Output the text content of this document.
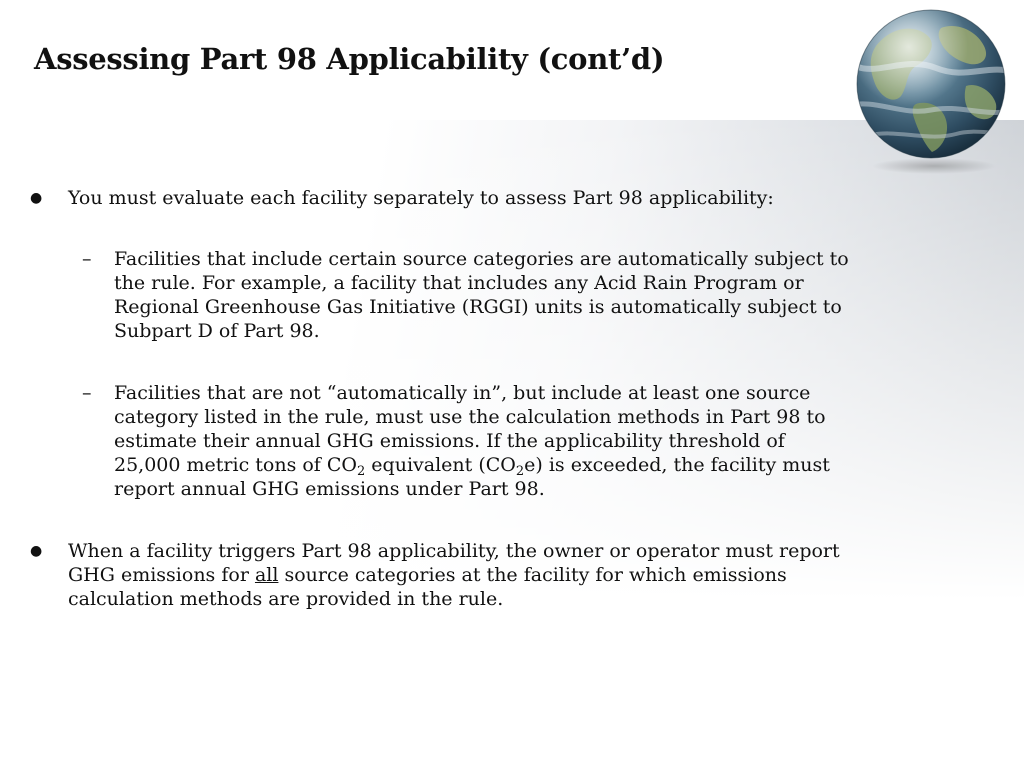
Assessing Part 98 Applicability (cont’d)

●	You must evaluate each facility separately to assess Part 98 applicability:

– Facilities that include certain source categories are automatically subject to
the rule. For example, a facility that includes any Acid Rain Program or
Regional Greenhouse Gas Initiative (RGGI) units is automatically subject to
Subpart D of Part 98.

– Facilities that are not “automatically in”, but include at least one source
category listed in the rule, must use the calculation methods in Part 98 to
estimate their annual GHG emissions. If the applicability threshold of
25,000 metric tons of $CO_2$ equivalent $(CO_2e)$ is exceeded, the facility must
report annual GHG emissions under Part 98.

●	When a facility triggers Part 98 applicability, the owner or operator must report
GHG emissions for all source categories at the facility for which emissions
calculation methods are provided in the rule.
